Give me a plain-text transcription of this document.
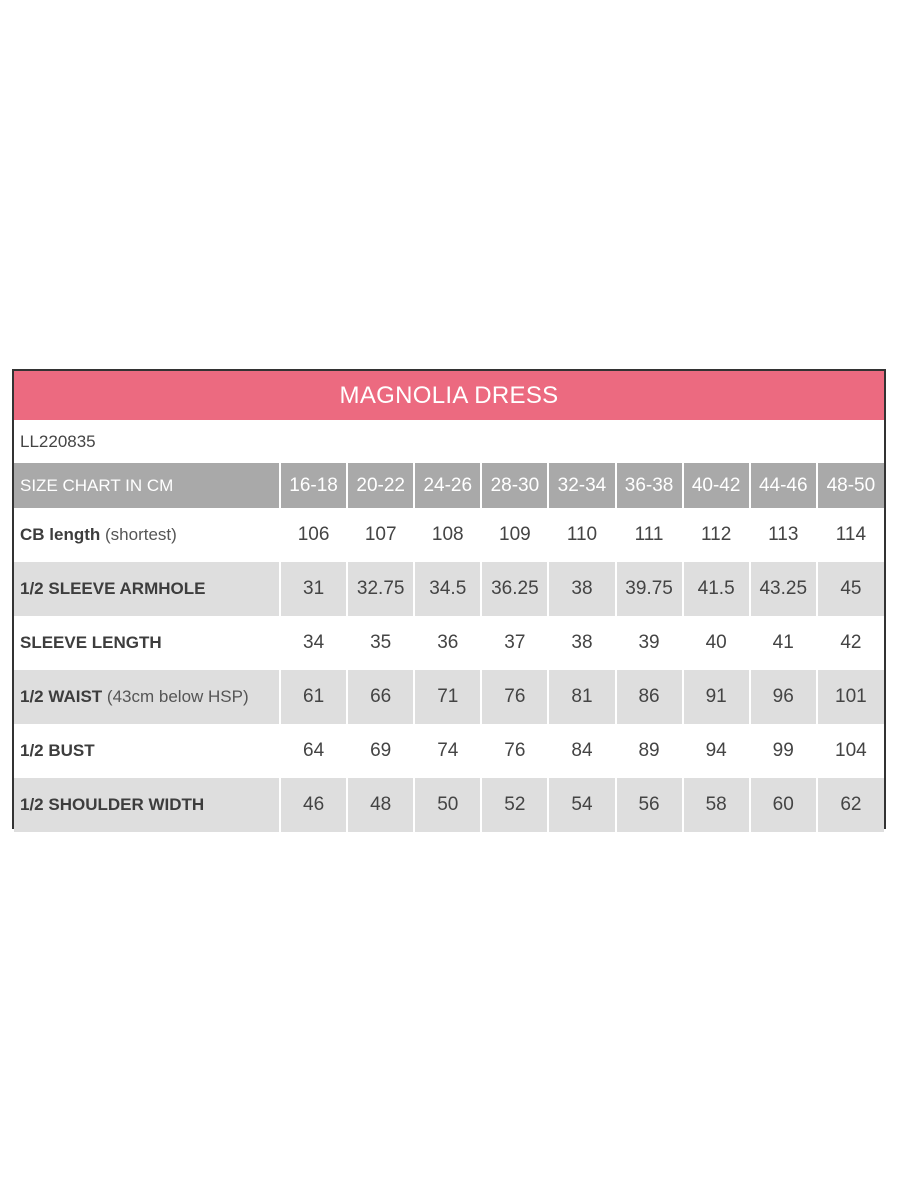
MAGNOLIA DRESS
LL220835
SIZE CHART IN CM	16-18	20-22	24-26	28-30	32-34	36-38	40-42	44-46	48-50
CB length (shortest)	106	107	108	109	110	111	112	113	114
1/2 SLEEVE ARMHOLE	31	32.75	34.5	36.25	38	39.75	41.5	43.25	45
SLEEVE LENGTH	34	35	36	37	38	39	40	41	42
1/2 WAIST (43cm below HSP)	61	66	71	76	81	86	91	96	101
1/2 BUST	64	69	74	76	84	89	94	99	104
1/2 SHOULDER WIDTH	46	48	50	52	54	56	58	60	62
